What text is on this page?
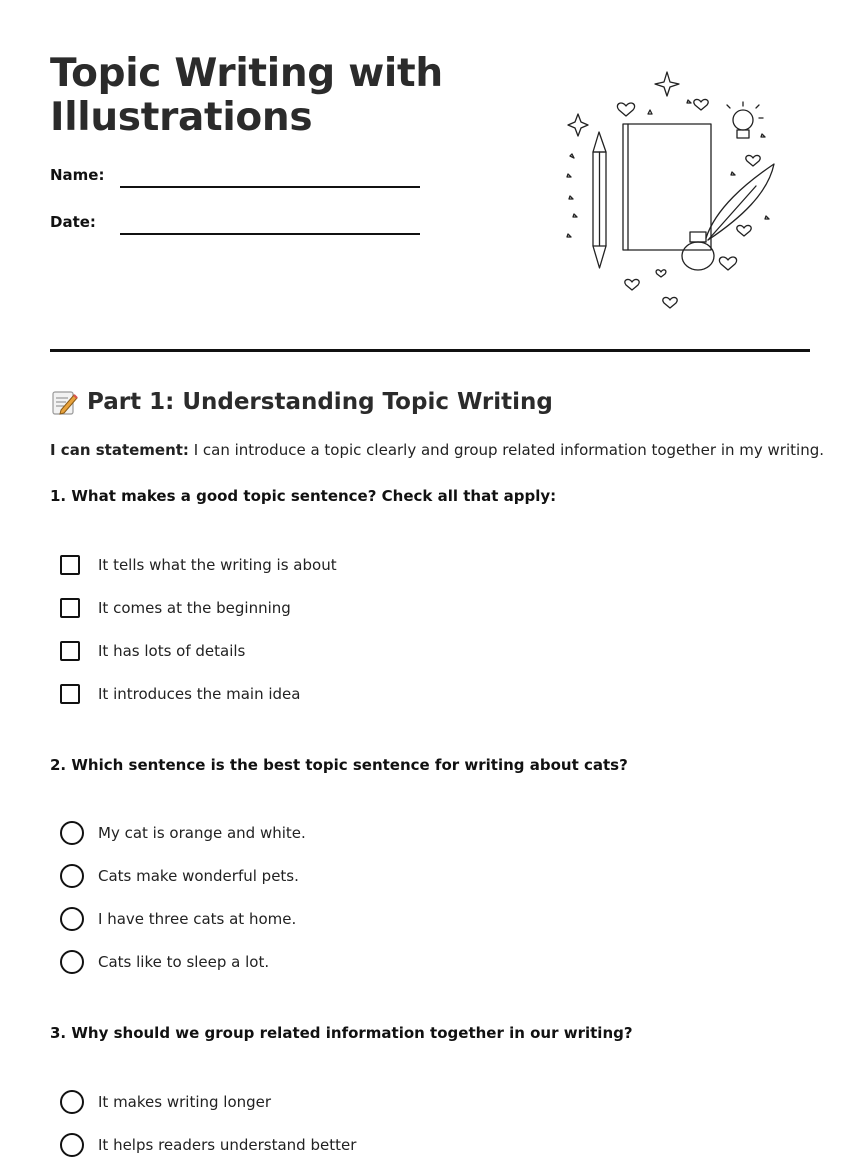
Topic Writing with
Illustrations
Name:
Date:
Part 1: Understanding Topic Writing
I can statement: I can introduce a topic clearly and group related information together in my writing.
1. What makes a good topic sentence? Check all that apply:
It tells what the writing is about
It comes at the beginning
It has lots of details
It introduces the main idea
2. Which sentence is the best topic sentence for writing about cats?
My cat is orange and white.
Cats make wonderful pets.
I have three cats at home.
Cats like to sleep a lot.
3. Why should we group related information together in our writing?
It makes writing longer
It helps readers understand better
